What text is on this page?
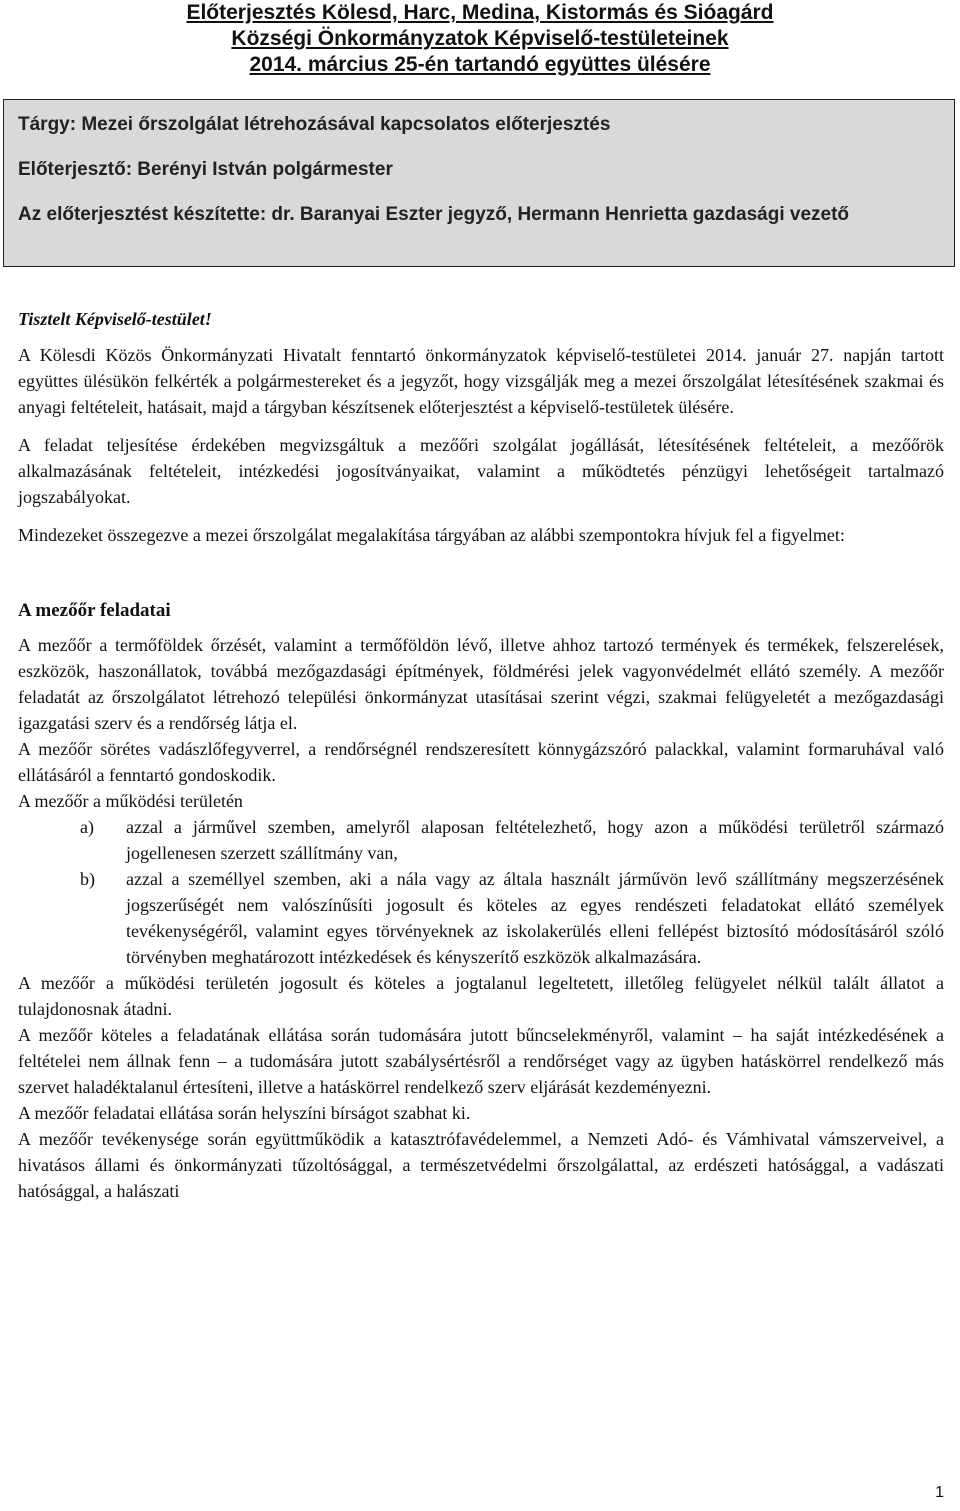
Előterjesztés Kölesd, Harc, Medina, Kistormás és Sióagárd
Községi Önkormányzatok Képviselő-testületeinek
2014. március 25-én tartandó együttes ülésére
Tárgy: Mezei őrszolgálat létrehozásával kapcsolatos előterjesztés
Előterjesztő: Berényi István polgármester
Az előterjesztést készítette: dr. Baranyai Eszter jegyző, Hermann Henrietta gazdasági vezető

Tisztelt Képviselő-testület!

A Kölesdi Közös Önkormányzati Hivatalt fenntartó önkormányzatok képviselő-testületei 2014. január 27. napján tartott együttes ülésükön felkérték a polgármestereket és a jegyzőt, hogy vizsgálják meg a mezei őrszolgálat létesítésének szakmai és anyagi feltételeit, hatásait, majd a tárgyban készítsenek előterjesztést a képviselő-testületek ülésére.

A feladat teljesítése érdekében megvizsgáltuk a mezőőri szolgálat jogállását, létesítésének feltételeit, a mezőőrök alkalmazásának feltételeit, intézkedési jogosítványaikat, valamint a működtetés pénzügyi lehetőségeit tartalmazó jogszabályokat.

Mindezeket összegezve a mezei őrszolgálat megalakítása tárgyában az alábbi szempontokra hívjuk fel a figyelmet:

A mezőőr feladatai

A mezőőr a termőföldek őrzését, valamint a termőföldön lévő, illetve ahhoz tartozó termények és termékek, felszerelések, eszközök, haszonállatok, továbbá mezőgazdasági építmények, földmérési jelek vagyonvédelmét ellátó személy. A mezőőr feladatát az őrszolgálatot létrehozó települési önkormányzat utasításai szerint végzi, szakmai felügyeletét a mezőgazdasági igazgatási szerv és a rendőrség látja el.

A mezőőr sörétes vadászlőfegyverrel, a rendőrségnél rendszeresített könnygázszóró palackkal, valamint formaruhával való ellátásáról a fenntartó gondoskodik.

A mezőőr a működési területén

a)	azzal a járművel szemben, amelyről alaposan feltételezhető, hogy azon a működési területről származó jogellenesen szerzett szállítmány van,
b)	azzal a személlyel szemben, aki a nála vagy az általa használt járművön levő szállítmány megszerzésének jogszerűségét nem valószínűsíti jogosult és köteles az egyes rendészeti feladatokat ellátó személyek tevékenységéről, valamint egyes törvényeknek az iskolakerülés elleni fellépést biztosító módosításáról szóló törvényben meghatározott intézkedések és kényszerítő eszközök alkalmazására.

A mezőőr a működési területén jogosult és köteles a jogtalanul legeltetett, illetőleg felügyelet nélkül talált állatot a tulajdonosnak átadni.

A mezőőr köteles a feladatának ellátása során tudomására jutott bűncselekményről, valamint – ha saját intézkedésének a feltételei nem állnak fenn – a tudomására jutott szabálysértésről a rendőrséget vagy az ügyben hatáskörrel rendelkező más szervet haladéktalanul értesíteni, illetve a hatáskörrel rendelkező szerv eljárását kezdeményezni.

A mezőőr feladatai ellátása során helyszíni bírságot szabhat ki.

A mezőőr tevékenysége során együttműködik a katasztrófavédelemmel, a Nemzeti Adó- és Vámhivatal vámszerveivel, a hivatásos állami és önkormányzati tűzoltósággal, a természetvédelmi őrszolgálattal, az erdészeti hatósággal, a vadászati hatósággal, a halászati

1
